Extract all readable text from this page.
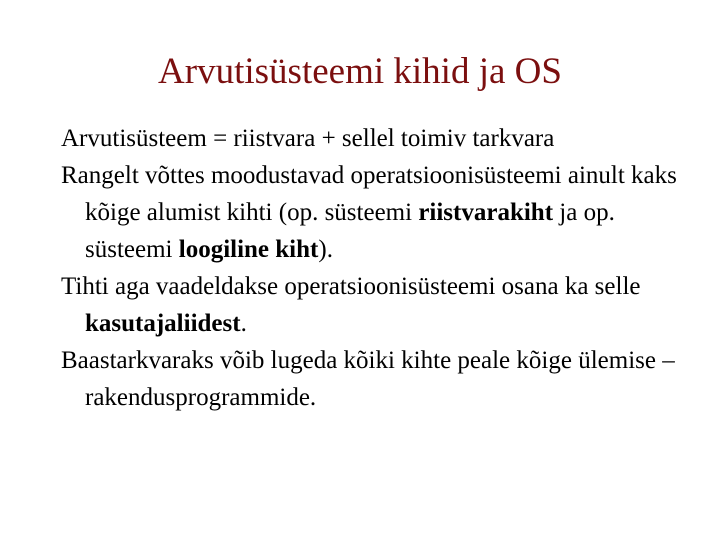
Arvutisüsteemi kihid ja OS

Arvutisüsteem = riistvara + sellel toimiv tarkvara

Rangelt võttes moodustavad operatsioonisüsteemi ainult kaks kõige alumist kihti (op. süsteemi riistvarakiht ja op. süsteemi loogiline kiht).

Tihti aga vaadeldakse operatsioonisüsteemi osana ka selle kasutajaliidest.

Baastarkvaraks võib lugeda kõiki kihte peale kõige ülemise – rakendusprogrammide.
